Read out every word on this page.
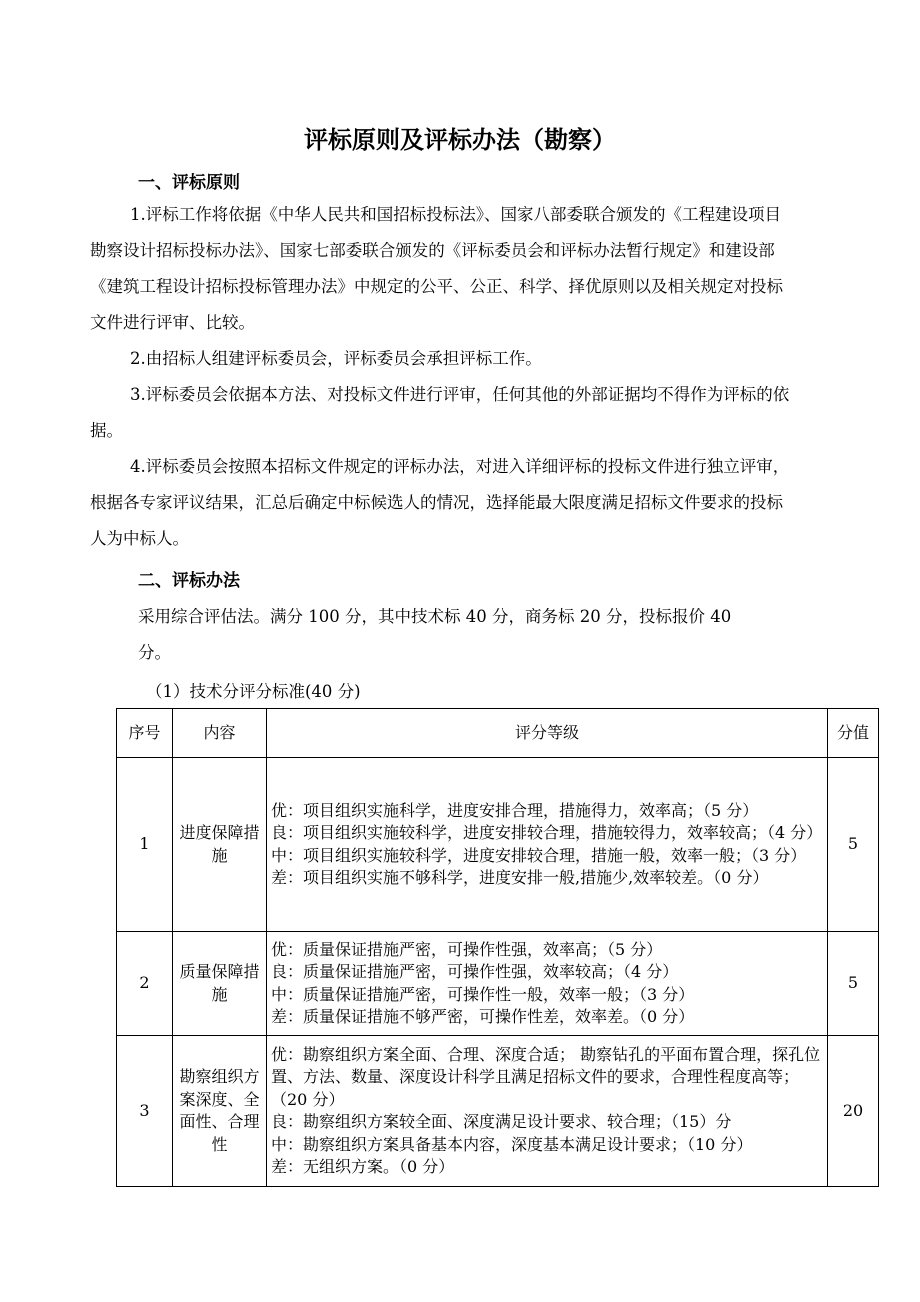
评标原则及评标办法（勘察）
一、评标原则
1.评标工作将依据《中华人民共和国招标投标法》、国家八部委联合颁发的《工程建设项目勘察设计招标投标办法》、国家七部委联合颁发的《评标委员会和评标办法暂行规定》和建设部《建筑工程设计招标投标管理办法》中规定的公平、公正、科学、择优原则以及相关规定对投标文件进行评审、比较。
2.由招标人组建评标委员会，评标委员会承担评标工作。
3.评标委员会依据本方法、对投标文件进行评审，任何其他的外部证据均不得作为评标的依据。
4.评标委员会按照本招标文件规定的评标办法，对进入详细评标的投标文件进行独立评审，根据各专家评议结果，汇总后确定中标候选人的情况，选择能最大限度满足招标文件要求的投标人为中标人。
二、评标办法
采用综合评估法。满分 100 分，其中技术标 40 分，商务标 20 分，投标报价 40
分。
（1）技术分评分标准(40 分)
序号	内容	评分等级	分值
1	进度保障措施	优：项目组织实施科学，进度安排合理，措施得力，效率高；（5 分）
良：项目组织实施较科学，进度安排较合理，措施较得力，效率较高；（4 分）
中：项目组织实施较科学，进度安排较合理，措施一般，效率一般；（3 分）
差：项目组织实施不够科学，进度安排一般,措施少,效率较差。（0 分）	5
2	质量保障措施	优：质量保证措施严密，可操作性强，效率高；（5 分）
良：质量保证措施严密，可操作性强，效率较高；（4 分）
中：质量保证措施严密，可操作性一般，效率一般；（3 分）
差：质量保证措施不够严密，可操作性差，效率差。（0 分）	5
3	勘察组织方案深度、全面性、合理性	优：勘察组织方案全面、合理、深度合适； 勘察钻孔的平面布置合理，探孔位置、方法、数量、深度设计科学且满足招标文件的要求，合理性程度高等；（20 分）
良：勘察组织方案较全面、深度满足设计要求、较合理；（15）分
中：勘察组织方案具备基本内容，深度基本满足设计要求；（10 分）
差：无组织方案。（0 分）	20
